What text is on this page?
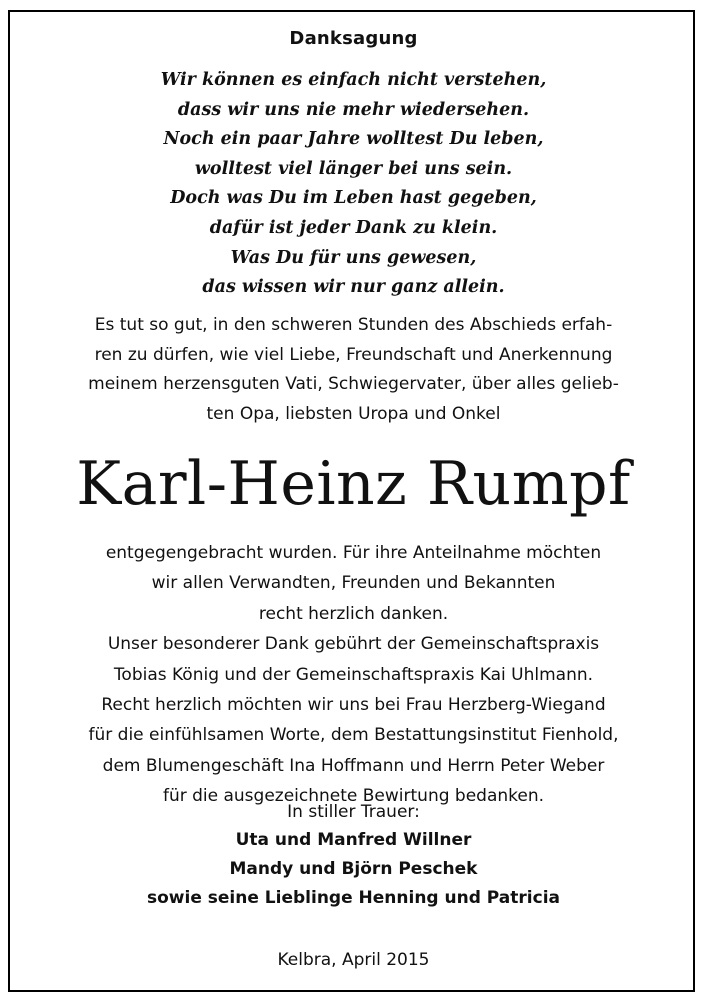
Danksagung
Wir können es einfach nicht verstehen,
dass wir uns nie mehr wiedersehen.
Noch ein paar Jahre wolltest Du leben,
wolltest viel länger bei uns sein.
Doch was Du im Leben hast gegeben,
dafür ist jeder Dank zu klein.
Was Du für uns gewesen,
das wissen wir nur ganz allein.
Es tut so gut, in den schweren Stunden des Abschieds erfah-
ren zu dürfen, wie viel Liebe, Freundschaft und Anerkennung
meinem herzensguten Vati, Schwiegervater, über alles gelieb-
ten Opa, liebsten Uropa und Onkel
Karl-Heinz Rumpf
entgegengebracht wurden. Für ihre Anteilnahme möchten
wir allen Verwandten, Freunden und Bekannten
recht herzlich danken.
Unser besonderer Dank gebührt der Gemeinschaftspraxis
Tobias König und der Gemeinschaftspraxis Kai Uhlmann.
Recht herzlich möchten wir uns bei Frau Herzberg-Wiegand
für die einfühlsamen Worte, dem Bestattungsinstitut Fienhold,
dem Blumengeschäft Ina Hoffmann und Herrn Peter Weber
für die ausgezeichnete Bewirtung bedanken.
In stiller Trauer:
Uta und Manfred Willner
Mandy und Björn Peschek
sowie seine Lieblinge Henning und Patricia
Kelbra, April 2015
